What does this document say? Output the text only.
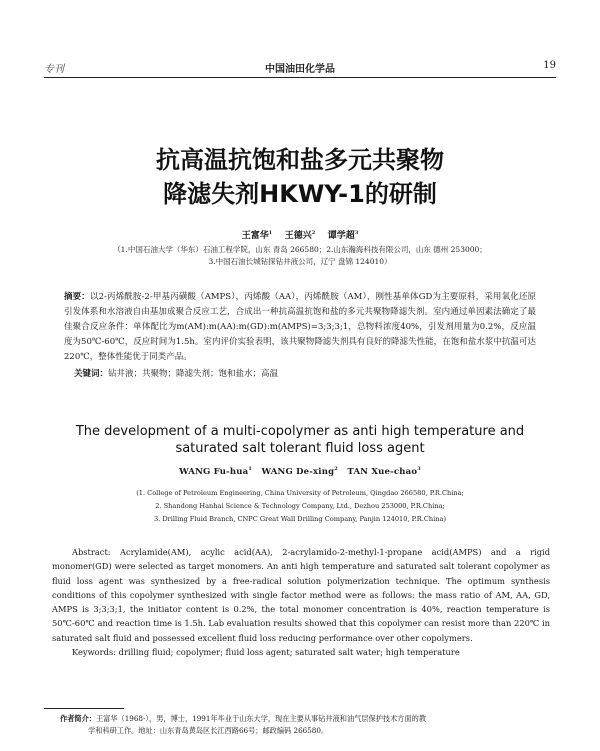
专刊	中国油田化学品	19
抗高温抗饱和盐多元共聚物
降滤失剂HKWY-1的研制
王富华$^1$ 王德兴$^2$ 谭学超$^3$
（1.中国石油大学（华东）石油工程学院，山东 青岛 266580；2.山东瀚海科技有限公司，山东 德州 253000；
3.中国石油长城钻探钻井液公司，辽宁 盘锦 124010）
摘要：以2-丙烯酰胺-2-甲基丙磺酸（AMPS），丙烯酸（AA），丙烯酰胺（AM），刚性基单体GD为主要原料，采用氧化还原引发体系和水溶液自由基加成聚合反应工艺，合成出一种抗高温抗饱和盐的多元共聚物降滤失剂。室内通过单因素法确定了最佳聚合反应条件：单体配比为m(AM):m(AA):m(GD):m(AMPS)=3;3;3;1，总物料浓度40%，引发剂用量为0.2%，反应温度为50℃-60℃，反应时间为1.5h。室内评价实验表明，该共聚物降滤失剂具有良好的降滤失性能，在饱和盐水浆中抗温可达220℃，整体性能优于同类产品。
关键词：钻井液；共聚物；降滤失剂；饱和盐水；高温
The development of a multi-copolymer as anti high temperature and
saturated salt tolerant fluid loss agent
WANG Fu-hua$^1$ WANG De-xing$^2$ TAN Xue-chao$^3$
(1. College of Petroleum Engineering, China University of Petroleum, Qingdao 266580, P.R.China;
2. Shandong Hanhai Science & Technology Company, Ltd., Dezhou 253000, P.R.China;
3. Drilling Fluid Branch, CNPC Great Wall Drilling Company, Panjin 124010, P.R.China)

Abstract: Acrylamide(AM), acylic acid(AA), 2-acrylamido-2-methyl-1-propane acid(AMPS) and a rigid monomer(GD) were selected as target monomers. An anti high temperature and saturated salt tolerant copolymer as fluid loss agent was synthesized by a free-radical solution polymerization technique. The optimum synthesis conditions of this copolymer synthesized with single factor method were as follows: the mass ratio of AM, AA, GD, AMPS is 3;3;3;1, the initiator content is 0.2%, the total monomer concentration is 40%, reaction temperature is 50℃-60℃ and reaction time is 1.5h. Lab evaluation results showed that this copolymer can resist more than 220℃ in saturated salt fluid and possessed excellent fluid loss reducing performance over other copolymers.

Keywords: drilling fluid; copolymer; fluid loss agent; saturated salt water; high temperature

作者简介：王富华（1968-），男，博士，1991年毕业于山东大学，现在主要从事钻井液和油气层保护技术方面的教
学和科研工作。地址：山东青岛黄岛区长江西路66号；邮政编码 266580。
